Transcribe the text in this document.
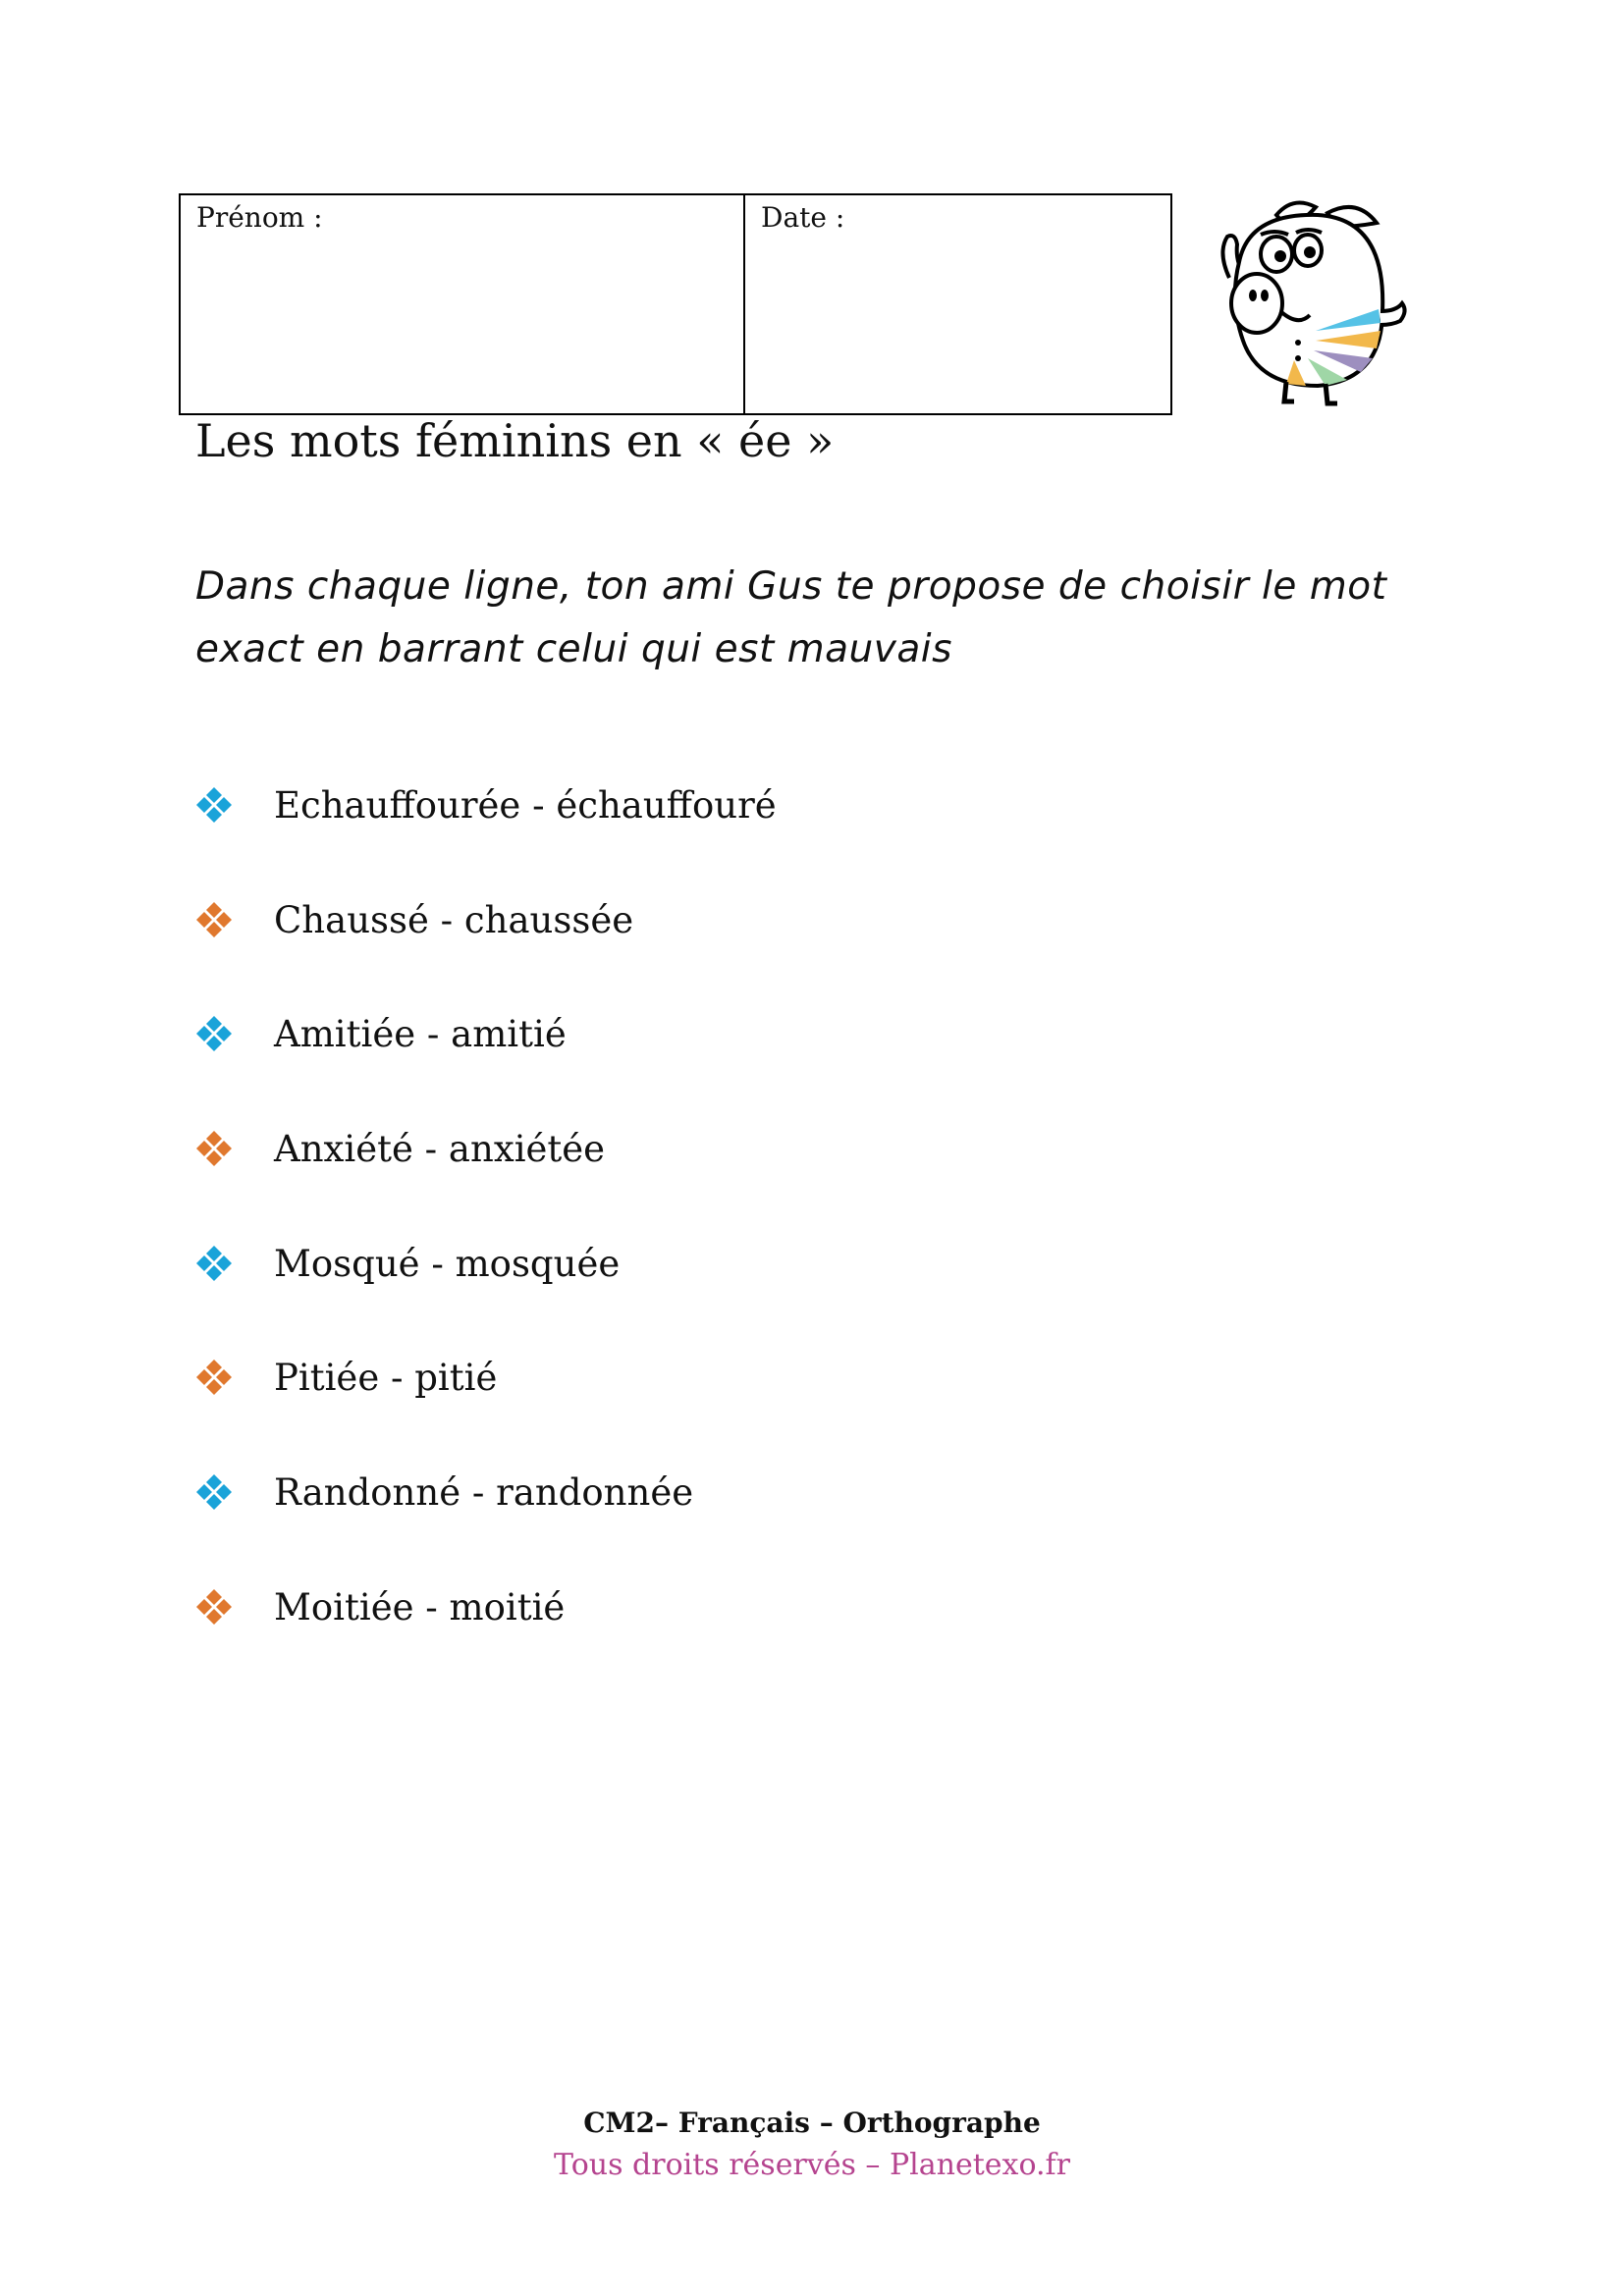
Prénom :	Date :
Les mots féminins en « ée »

Dans chaque ligne, ton ami Gus te propose de choisir le mot exact en barrant celui qui est mauvais

Echauffourée - échauffouré
Chaussé - chaussée
Amitiée - amitié
Anxiété - anxiétée
Mosqué - mosquée
Pitiée - pitié
Randonné - randonnée
Moitiée - moitié
CM2– Français – Orthographe
Tous droits réservés – Planetexo.fr
